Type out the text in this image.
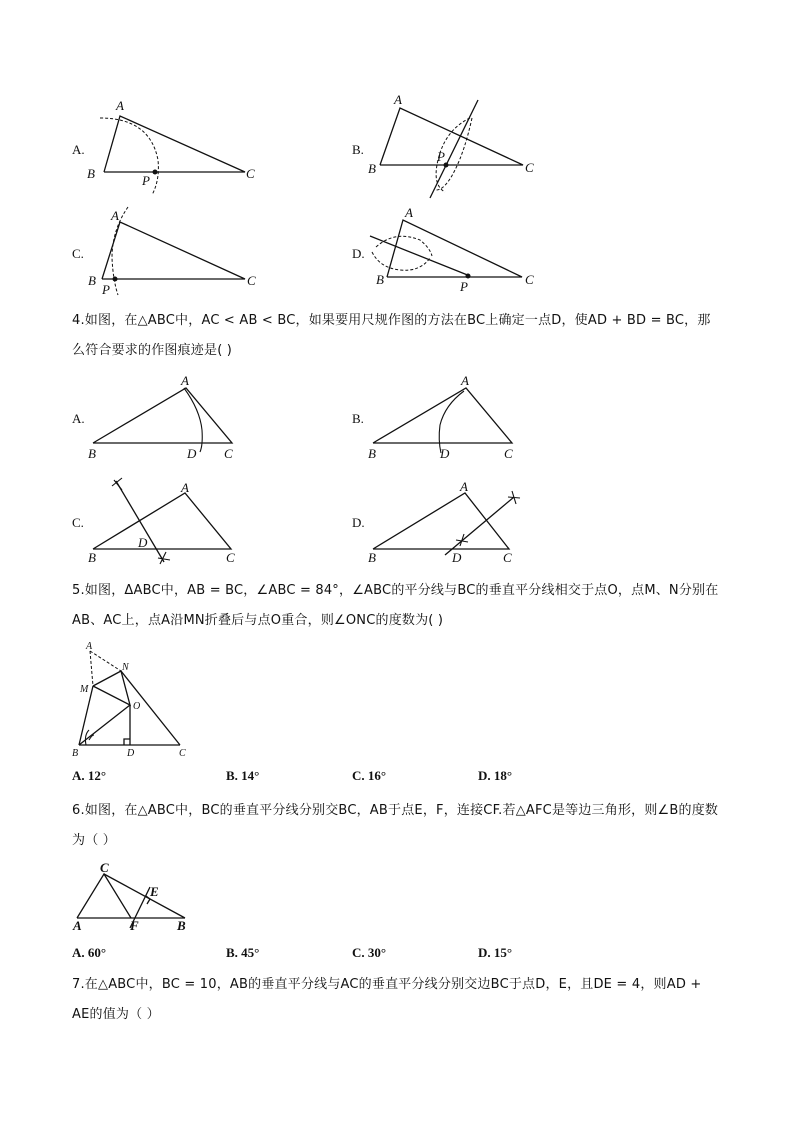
A.
A
B	P	C
B.
A
B
P
C
C.
A
B
P
C
D.
A
B	P	C
4.如图，在△ABC中，AC < AB < BC，如果要用尺规作图的方法在BC上确定一点D，使AD + BD = BC，那么符合要求的作图痕迹是( )
A.
A
B	D C
B.
A
B	D	C
C.
A
B
D
C
D.
A
B	D	C
5.如图，ΔABC中，AB = BC，∠ABC = 84°，∠ABC的平分线与BC的垂直平分线相交于点O，点M、N分别在AB、AC上，点A沿MN折叠后与点O重合，则∠ONC的度数为( )
A
N
M
O
B	D	C
A. 12°	B. 14°	C. 16°	D. 18°
6.如图，在△ABC中，BC的垂直平分线分别交BC，AB于点E，F，连接CF.若△AFC是等边三角形，则∠B的度数为（ ）
C
E
A	F	B
A. 60°	B. 45°	C. 30°	D. 15°
7.在△ABC中，BC = 10，AB的垂直平分线与AC的垂直平分线分别交边BC于点D，E，且DE = 4，则AD + AE的值为（ ）
